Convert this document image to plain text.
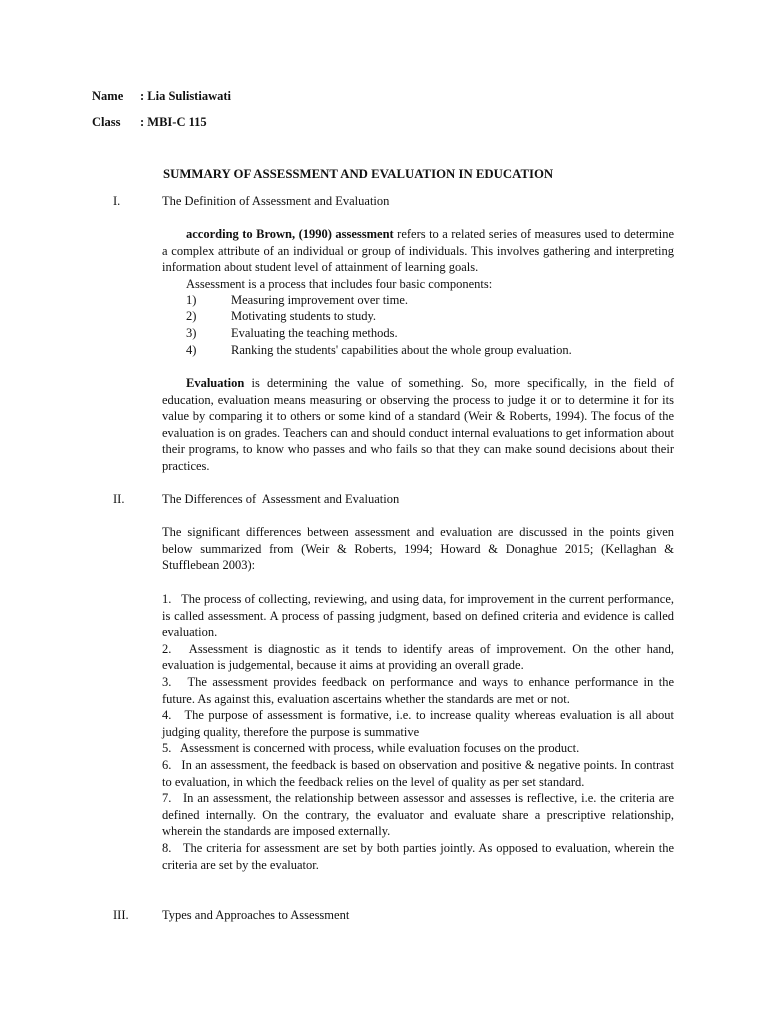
Name : Lia Sulistiawati
Class : MBI-C 115
SUMMARY OF ASSESSMENT AND EVALUATION IN EDUCATION
I.	The Definition of Assessment and Evaluation
according to Brown, (1990) assessment refers to a related series of measures used to determine a complex attribute of an individual or group of individuals. This involves gathering and interpreting information about student level of attainment of learning goals.
Assessment is a process that includes four basic components:
1)	Measuring improvement over time.
2)	Motivating students to study.
3)	Evaluating the teaching methods.
4)	Ranking the students' capabilities about the whole group evaluation.
Evaluation is determining the value of something. So, more specifically, in the field of education, evaluation means measuring or observing the process to judge it or to determine it for its value by comparing it to others or some kind of a standard (Weir & Roberts, 1994). The focus of the evaluation is on grades. Teachers can and should conduct internal evaluations to get information about their programs, to know who passes and who fails so that they can make sound decisions about their practices.
II.	The Differences of  Assessment and Evaluation
The significant differences between assessment and evaluation are discussed in the points given below summarized from (Weir & Roberts, 1994; Howard & Donaghue 2015; (Kellaghan & Stufflebean 2003):

1.   The process of collecting, reviewing, and using data, for improvement in the current performance, is called assessment. A process of passing judgment, based on defined criteria and evidence is called evaluation.

2.   Assessment is diagnostic as it tends to identify areas of improvement. On the other hand, evaluation is judgemental, because it aims at providing an overall grade.

3.   The assessment provides feedback on performance and ways to enhance performance in the future. As against this, evaluation ascertains whether the standards are met or not.

4.   The purpose of assessment is formative, i.e. to increase quality whereas evaluation is all about judging quality, therefore the purpose is summative

5.   Assessment is concerned with process, while evaluation focuses on the product.

6.   In an assessment, the feedback is based on observation and positive & negative points. In contrast to evaluation, in which the feedback relies on the level of quality as per set standard.

7.   In an assessment, the relationship between assessor and assesses is reflective, i.e. the criteria are defined internally. On the contrary, the evaluator and evaluate share a prescriptive relationship, wherein the standards are imposed externally.

8.   The criteria for assessment are set by both parties jointly. As opposed to evaluation, wherein the criteria are set by the evaluator.

III.	Types and Approaches to Assessment
